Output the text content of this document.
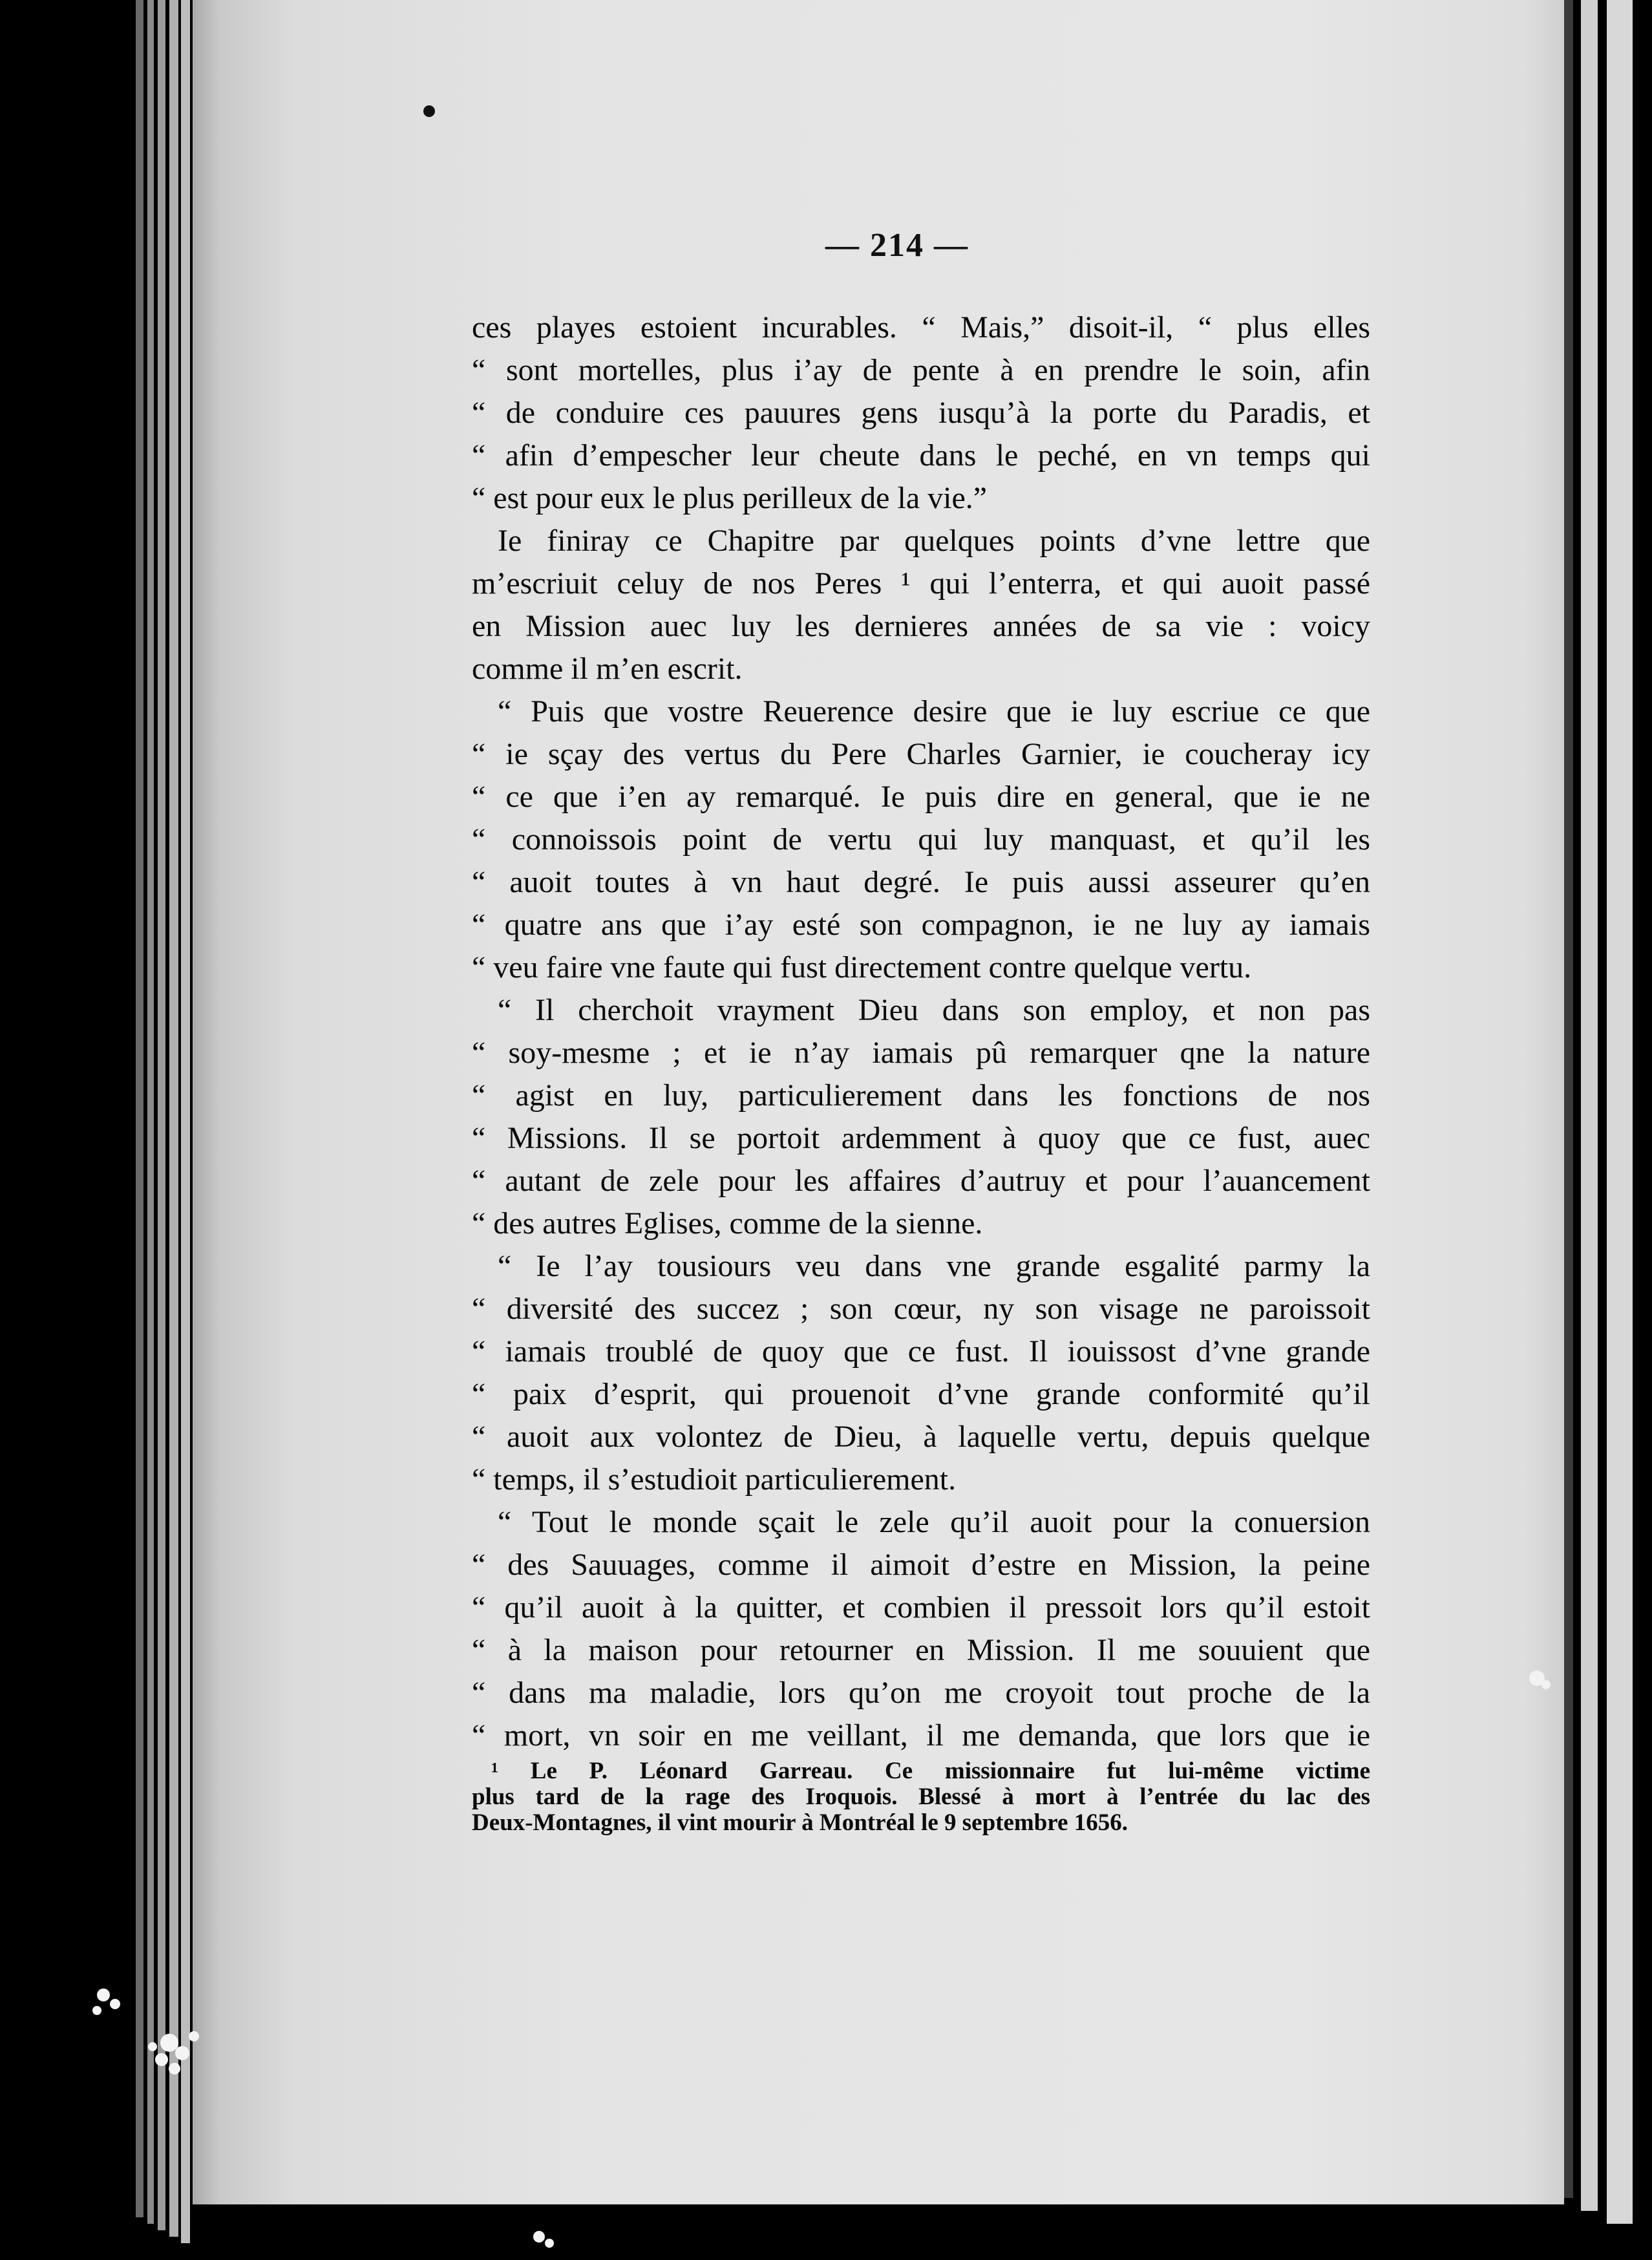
— 214 —
ces playes estoient incurables. “ Mais,” disoit-il, “ plus elles
“ sont mortelles, plus i’ay de pente à en prendre le soin, afin
“ de conduire ces pauures gens iusqu’à la porte du Paradis, et
“ afin d’empescher leur cheute dans le peché, en vn temps qui
“ est pour eux le plus perilleux de la vie.”
Ie finiray ce Chapitre par quelques points d’vne lettre que
m’escriuit celuy de nos Peres ¹ qui l’enterra, et qui auoit passé
en Mission auec luy les dernieres années de sa vie : voicy
comme il m’en escrit.
“ Puis que vostre Reuerence desire que ie luy escriue ce que
“ ie sçay des vertus du Pere Charles Garnier, ie coucheray icy
“ ce que i’en ay remarqué. Ie puis dire en general, que ie ne
“ connoissois point de vertu qui luy manquast, et qu’il les
“ auoit toutes à vn haut degré. Ie puis aussi asseurer qu’en
“ quatre ans que i’ay esté son compagnon, ie ne luy ay iamais
“ veu faire vne faute qui fust directement contre quelque vertu.
“ Il cherchoit vrayment Dieu dans son employ, et non pas
“ soy-mesme ; et ie n’ay iamais pû remarquer qne la nature
“ agist en luy, particulierement dans les fonctions de nos
“ Missions. Il se portoit ardemment à quoy que ce fust, auec
“ autant de zele pour les affaires d’autruy et pour l’auancement
“ des autres Eglises, comme de la sienne.
“ Ie l’ay tousiours veu dans vne grande esgalité parmy la
“ diversité des succez ; son cœur, ny son visage ne paroissoit
“ iamais troublé de quoy que ce fust. Il iouissost d’vne grande
“ paix d’esprit, qui prouenoit d’vne grande conformité qu’il
“ auoit aux volontez de Dieu, à laquelle vertu, depuis quelque
“ temps, il s’estudioit particulierement.
“ Tout le monde sçait le zele qu’il auoit pour la conuersion
“ des Sauuages, comme il aimoit d’estre en Mission, la peine
“ qu’il auoit à la quitter, et combien il pressoit lors qu’il estoit
“ à la maison pour retourner en Mission. Il me souuient que
“ dans ma maladie, lors qu’on me croyoit tout proche de la
“ mort, vn soir en me veillant, il me demanda, que lors que ie
¹ Le P. Léonard Garreau. Ce missionnaire fut lui-même victime
plus tard de la rage des Iroquois. Blessé à mort à l’entrée du lac des
Deux-Montagnes, il vint mourir à Montréal le 9 septembre 1656.
